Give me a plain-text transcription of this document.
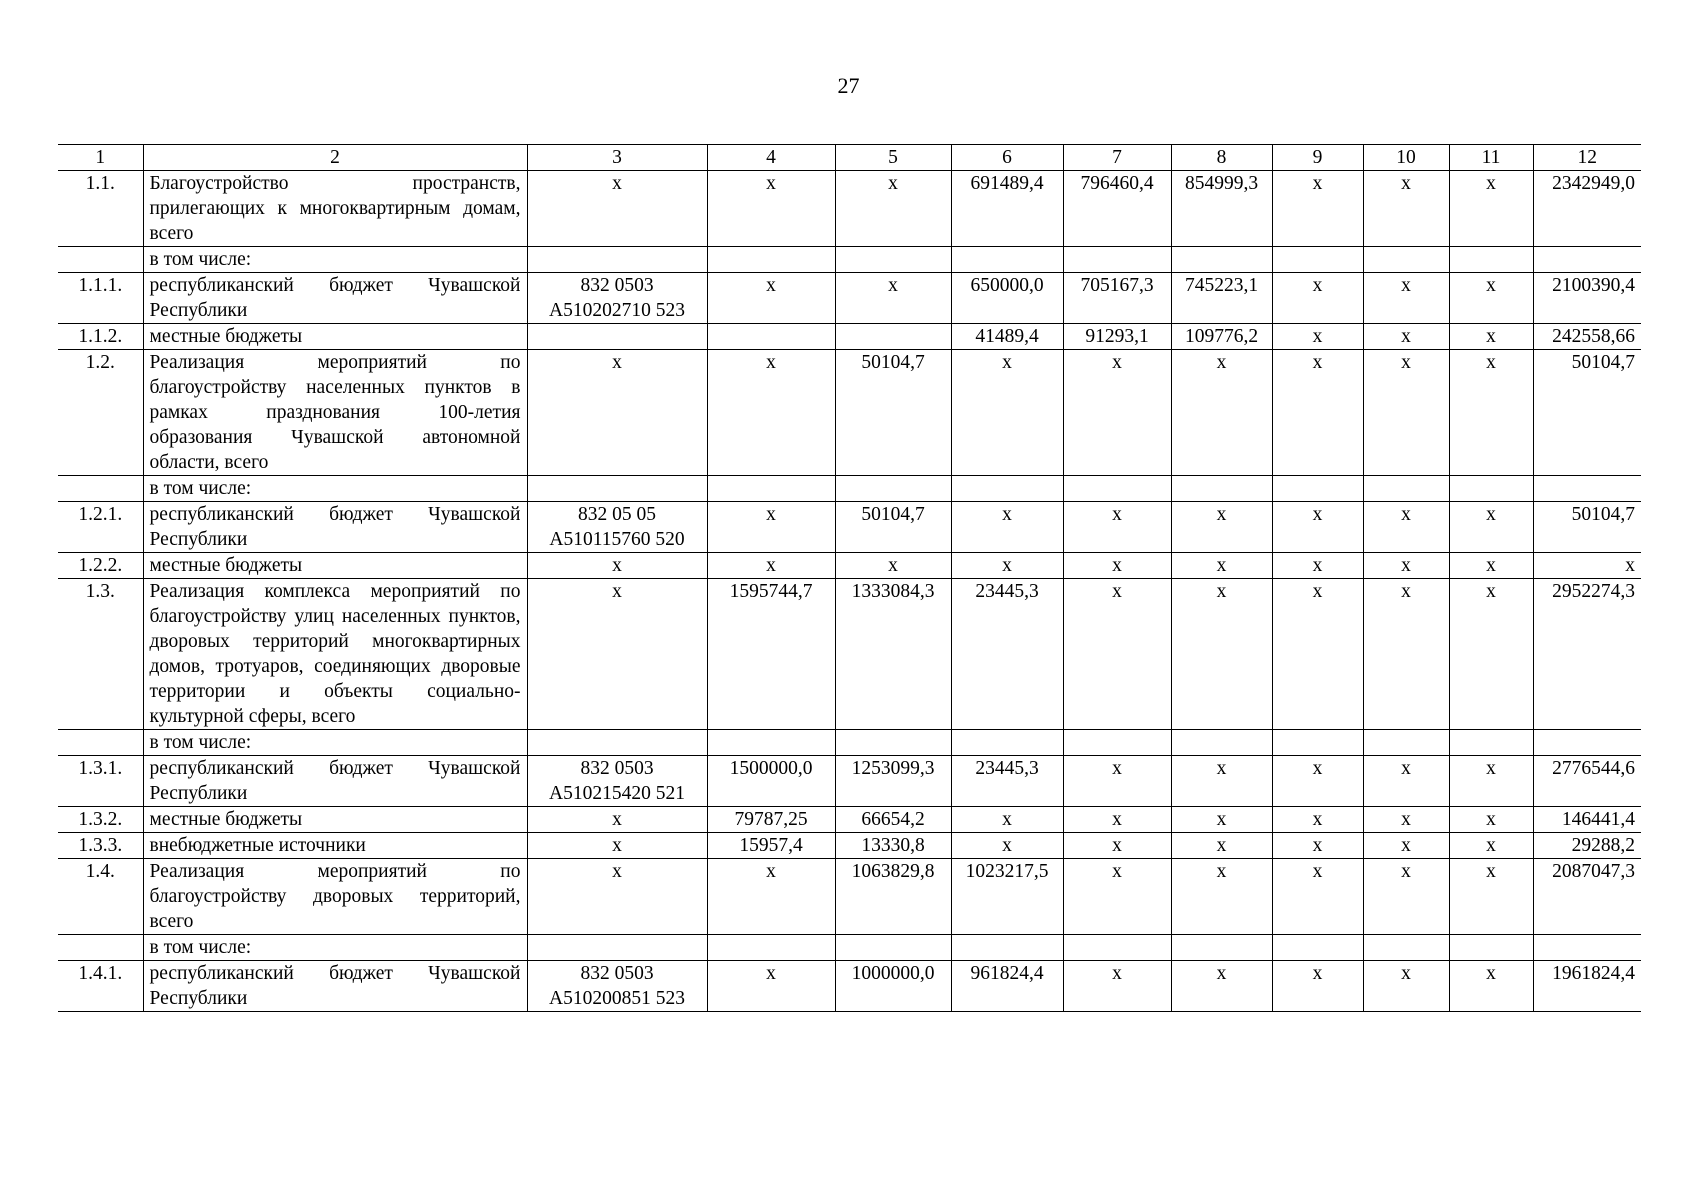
27
1	2	3	4	5	6	7	8	9	10	11	12
1.1.	Благоустройство пространств, прилегающих к многоквартирным домам, всего	х	х	х	691489,4	796460,4	854999,3	х	х	х	2342949,0
	в том числе:										
1.1.1.	республиканский бюджет Чувашской Республики	832 0503 А510202710 523	х	х	650000,0	705167,3	745223,1	х	х	х	2100390,4
1.1.2.	местные бюджеты				41489,4	91293,1	109776,2	х	х	х	242558,66
1.2.	Реализация мероприятий по благоустройству населенных пунктов в рамках празднования 100-летия образования Чувашской автономной области, всего	х	х	50104,7	х	х	х	х	х	х	50104,7
	в том числе:										
1.2.1.	республиканский бюджет Чувашской Республики	832 05 05 А510115760 520	х	50104,7	х	х	х	х	х	х	50104,7
1.2.2.	местные бюджеты	х	х	х	х	х	х	х	х	х	х
1.3.	Реализация комплекса мероприятий по благоустройству улиц населенных пунктов, дворовых территорий многоквартирных домов, тротуаров, соединяющих дворовые территории и объекты социально-культурной сферы, всего	х	1595744,7	1333084,3	23445,3	х	х	х	х	х	2952274,3
	в том числе:										
1.3.1.	республиканский бюджет Чувашской Республики	832 0503 А510215420 521	1500000,0	1253099,3	23445,3	х	х	х	х	х	2776544,6
1.3.2.	местные бюджеты	х	79787,25	66654,2	х	х	х	х	х	х	146441,4
1.3.3.	внебюджетные источники	х	15957,4	13330,8	х	х	х	х	х	х	29288,2
1.4.	Реализация мероприятий по благоустройству дворовых территорий, всего	х	х	1063829,8	1023217,5	х	х	х	х	х	2087047,3
	в том числе:										
1.4.1.	республиканский бюджет Чувашской Республики	832 0503 А510200851 523	х	1000000,0	961824,4	х	х	х	х	х	1961824,4
